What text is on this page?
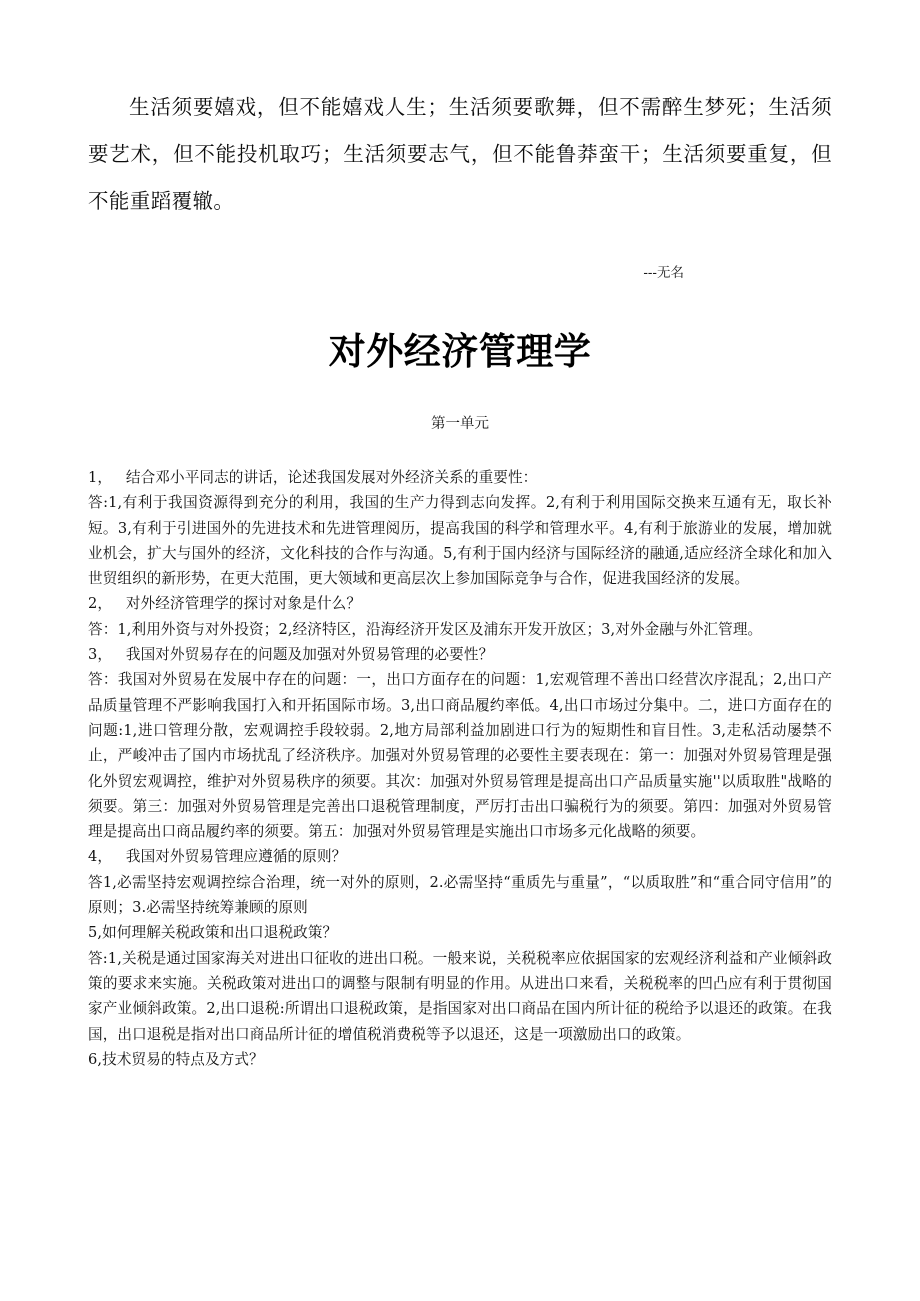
生活须要嬉戏，但不能嬉戏人生；生活须要歌舞，但不需醉生梦死；生活须要艺术，但不能投机取巧；生活须要志气，但不能鲁莽蛮干；生活须要重复，但不能重蹈覆辙。

---无名

对外经济管理学

第一单元

1，	结合邓小平同志的讲话，论述我国发展对外经济关系的重要性：

答:1,有利于我国资源得到充分的利用，我国的生产力得到志向发挥。2,有利于利用国际交换来互通有无，取长补短。3,有利于引进国外的先进技术和先进管理阅历，提高我国的科学和管理水平。4,有利于旅游业的发展，增加就业机会，扩大与国外的经济，文化科技的合作与沟通。5,有利于国内经济与国际经济的融通,适应经济全球化和加入世贸组织的新形势，在更大范围，更大领域和更高层次上参加国际竞争与合作，促进我国经济的发展。

2，	对外经济管理学的探讨对象是什么？

答：1,利用外资与对外投资；2,经济特区，沿海经济开发区及浦东开发开放区；3,对外金融与外汇管理。

3，	我国对外贸易存在的问题及加强对外贸易管理的必要性？

答：我国对外贸易在发展中存在的问题：一，出口方面存在的问题：1,宏观管理不善出口经营次序混乱；2,出口产品质量管理不严影响我国打入和开拓国际市场。3,出口商品履约率低。4,出口市场过分集中。二，进口方面存在的问题:1,进口管理分散，宏观调控手段较弱。2,地方局部利益加剧进口行为的短期性和盲目性。3,走私活动屡禁不止，严峻冲击了国内市场扰乱了经济秩序。加强对外贸易管理的必要性主要表现在：第一：加强对外贸易管理是强化外贸宏观调控，维护对外贸易秩序的须要。其次：加强对外贸易管理是提高出口产品质量实施''以质取胜"战略的须要。第三：加强对外贸易管理是完善出口退税管理制度，严厉打击出口骗税行为的须要。第四：加强对外贸易管理是提高出口商品履约率的须要。第五：加强对外贸易管理是实施出口市场多元化战略的须要。

4，	我国对外贸易管理应遵循的原则？

答1,必需坚持宏观调控综合治理，统一对外的原则，2.必需坚持“重质先与重量”，“以质取胜”和“重合同守信用”的原则；3.必需坚持统筹兼顾的原则

5,如何理解关税政策和出口退税政策？

答:1,关税是通过国家海关对进出口征收的进出口税。一般来说，关税税率应依据国家的宏观经济利益和产业倾斜政策的要求来实施。关税政策对进出口的调整与限制有明显的作用。从进出口来看，关税税率的凹凸应有利于贯彻国家产业倾斜政策。2,出口退税:所谓出口退税政策，是指国家对出口商品在国内所计征的税给予以退还的政策。在我国，出口退税是指对出口商品所计征的增值税消费税等予以退还，这是一项激励出口的政策。

6,技术贸易的特点及方式？
